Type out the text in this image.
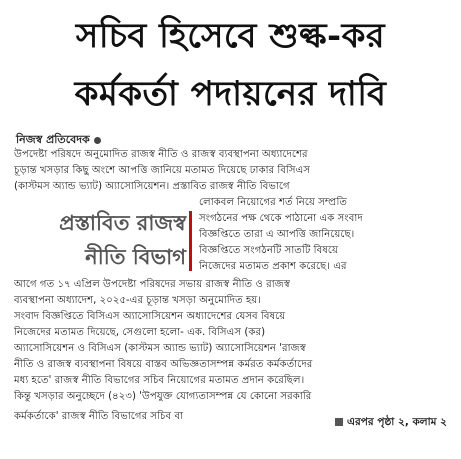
সচিব হিসেবে শুল্ক-কর
কর্মকর্তা পদায়নের দাবি
নিজস্ব প্রতিবেদক
উপদেষ্টা পরিষদে অনুমোদিত রাজস্ব নীতি ও রাজস্ব ব্যবস্থাপনা অধ্যাদেশের
চূড়ান্ত খসড়ার কিছু অংশে আপত্তি জানিয়ে মতামত দিয়েছে ঢাকার বিসিএস
(কাস্টমস অ্যান্ড ভ্যাট) অ্যাসোসিয়েশন। প্রস্তাবিত রাজস্ব নীতি বিভাগে
লোকবল নিয়োগের শর্ত নিয়ে সম্প্রতি
সংগঠনের পক্ষ থেকে পাঠানো এক সংবাদ
বিজ্ঞপ্তিতে তারা এ আপত্তি জানিয়েছে।
বিজ্ঞপ্তিতে সংগঠনটি সাতটি বিষয়ে
নিজেদের মতামত প্রকাশ করেছে। এর
আগে গত ১৭ এপ্রিল উপদেষ্টা পরিষদের সভায় রাজস্ব নীতি ও রাজস্ব
ব্যবস্থাপনা অধ্যাদেশ, ২০২৫-এর চূড়ান্ত খসড়া অনুমোদিত হয়।
সংবাদ বিজ্ঞপ্তিতে বিসিএস অ্যাসোসিয়েশন অধ্যাদেশের যেসব বিষয়ে
নিজেদের মতামত দিয়েছে, সেগুলো হলো- এক. বিসিএস (কর)
অ্যাসোসিয়েশন ও বিসিএস (কাস্টমস অ্যান্ড ভ্যাট) অ্যাসোসিয়েশন 'রাজস্ব
নীতি ও রাজস্ব ব্যবস্থাপনা বিষয়ে বাস্তব অভিজ্ঞতাসম্পন্ন কর্মরত কর্মকর্তাদের
মধ্য হতে' রাজস্ব নীতি বিভাগের সচিব নিয়োগের মতামত প্রদান করেছিল।
কিন্তু খসড়ার অনুচ্ছেদে (৪২৩) 'উপযুক্ত যোগ্যতাসম্পন্ন যে কোনো সরকারি
কর্মকর্তাকে' রাজস্ব নীতি বিভাগের সচিব বা
প্রস্তাবিত রাজস্ব
নীতি বিভাগ
এরপর পৃষ্ঠা ২, কলাম ২
